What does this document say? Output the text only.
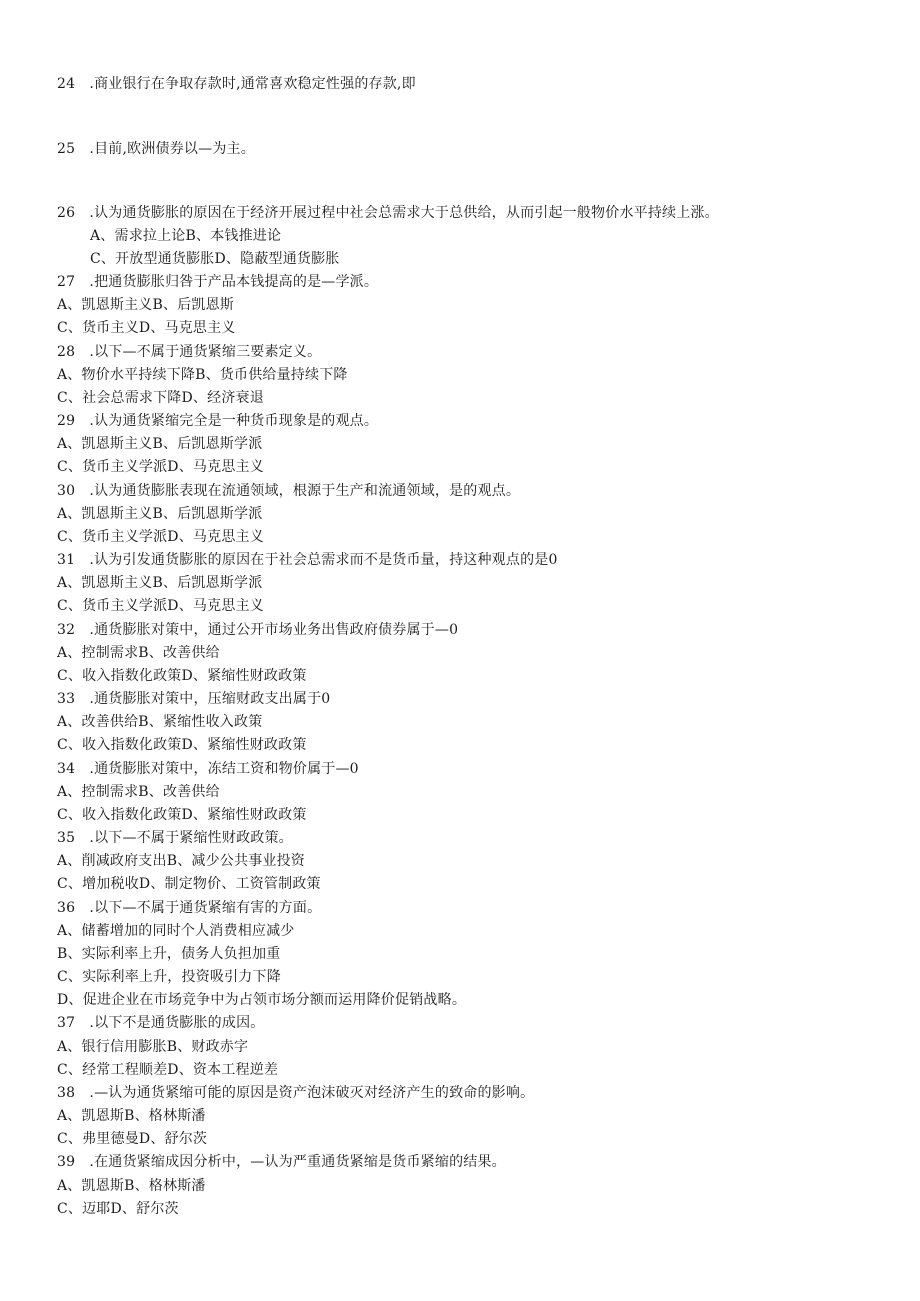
24　.商业银行在争取存款时,通常喜欢稳定性强的存款,即
25　.目前,欧洲债券以—为主。
26　.认为通货膨胀的原因在于经济开展过程中社会总需求大于总供给，从而引起一般物价水平持续上涨。
A、需求拉上论B、本钱推进论
C、开放型通货膨胀D、隐蔽型通货膨胀
27　.把通货膨胀归咎于产品本钱提高的是—学派。
A、凯恩斯主义B、后凯恩斯
C、货币主义D、马克思主义
28　.以下—不属于通货紧缩三要素定义。
A、物价水平持续下降B、货币供给量持续下降
C、社会总需求下降D、经济衰退
29　.认为通货紧缩完全是一种货币现象是的观点。
A、凯恩斯主义B、后凯恩斯学派
C、货币主义学派D、马克思主义
30　.认为通货膨胀表现在流通领域，根源于生产和流通领域，是的观点。
A、凯恩斯主义B、后凯恩斯学派
C、货币主义学派D、马克思主义
31　.认为引发通货膨胀的原因在于社会总需求而不是货币量，持这种观点的是0
A、凯恩斯主义B、后凯恩斯学派
C、货币主义学派D、马克思主义
32　.通货膨胀对策中，通过公开市场业务出售政府债券属于—0
A、控制需求B、改善供给
C、收入指数化政策D、紧缩性财政政策
33　.通货膨胀对策中，压缩财政支出属于0
A、改善供给B、紧缩性收入政策
C、收入指数化政策D、紧缩性财政政策
34　.通货膨胀对策中，冻结工资和物价属于—0
A、控制需求B、改善供给
C、收入指数化政策D、紧缩性财政政策
35　.以下—不属于紧缩性财政政策。
A、削减政府支出B、减少公共事业投资
C、增加税收D、制定物价、工资管制政策
36　.以下—不属于通货紧缩有害的方面。
A、储蓄增加的同时个人消费相应减少
B、实际利率上升，债务人负担加重
C、实际利率上升，投资吸引力下降
D、促进企业在市场竞争中为占领市场分额而运用降价促销战略。
37　.以下不是通货膨胀的成因。
A、银行信用膨胀B、财政赤字
C、经常工程顺差D、资本工程逆差
38　.—认为通货紧缩可能的原因是资产泡沫破灭对经济产生的致命的影响。
A、凯恩斯B、格林斯潘
C、弗里德曼D、舒尔茨
39　.在通货紧缩成因分析中，—认为严重通货紧缩是货币紧缩的结果。
A、凯恩斯B、格林斯潘
C、迈耶D、舒尔茨
